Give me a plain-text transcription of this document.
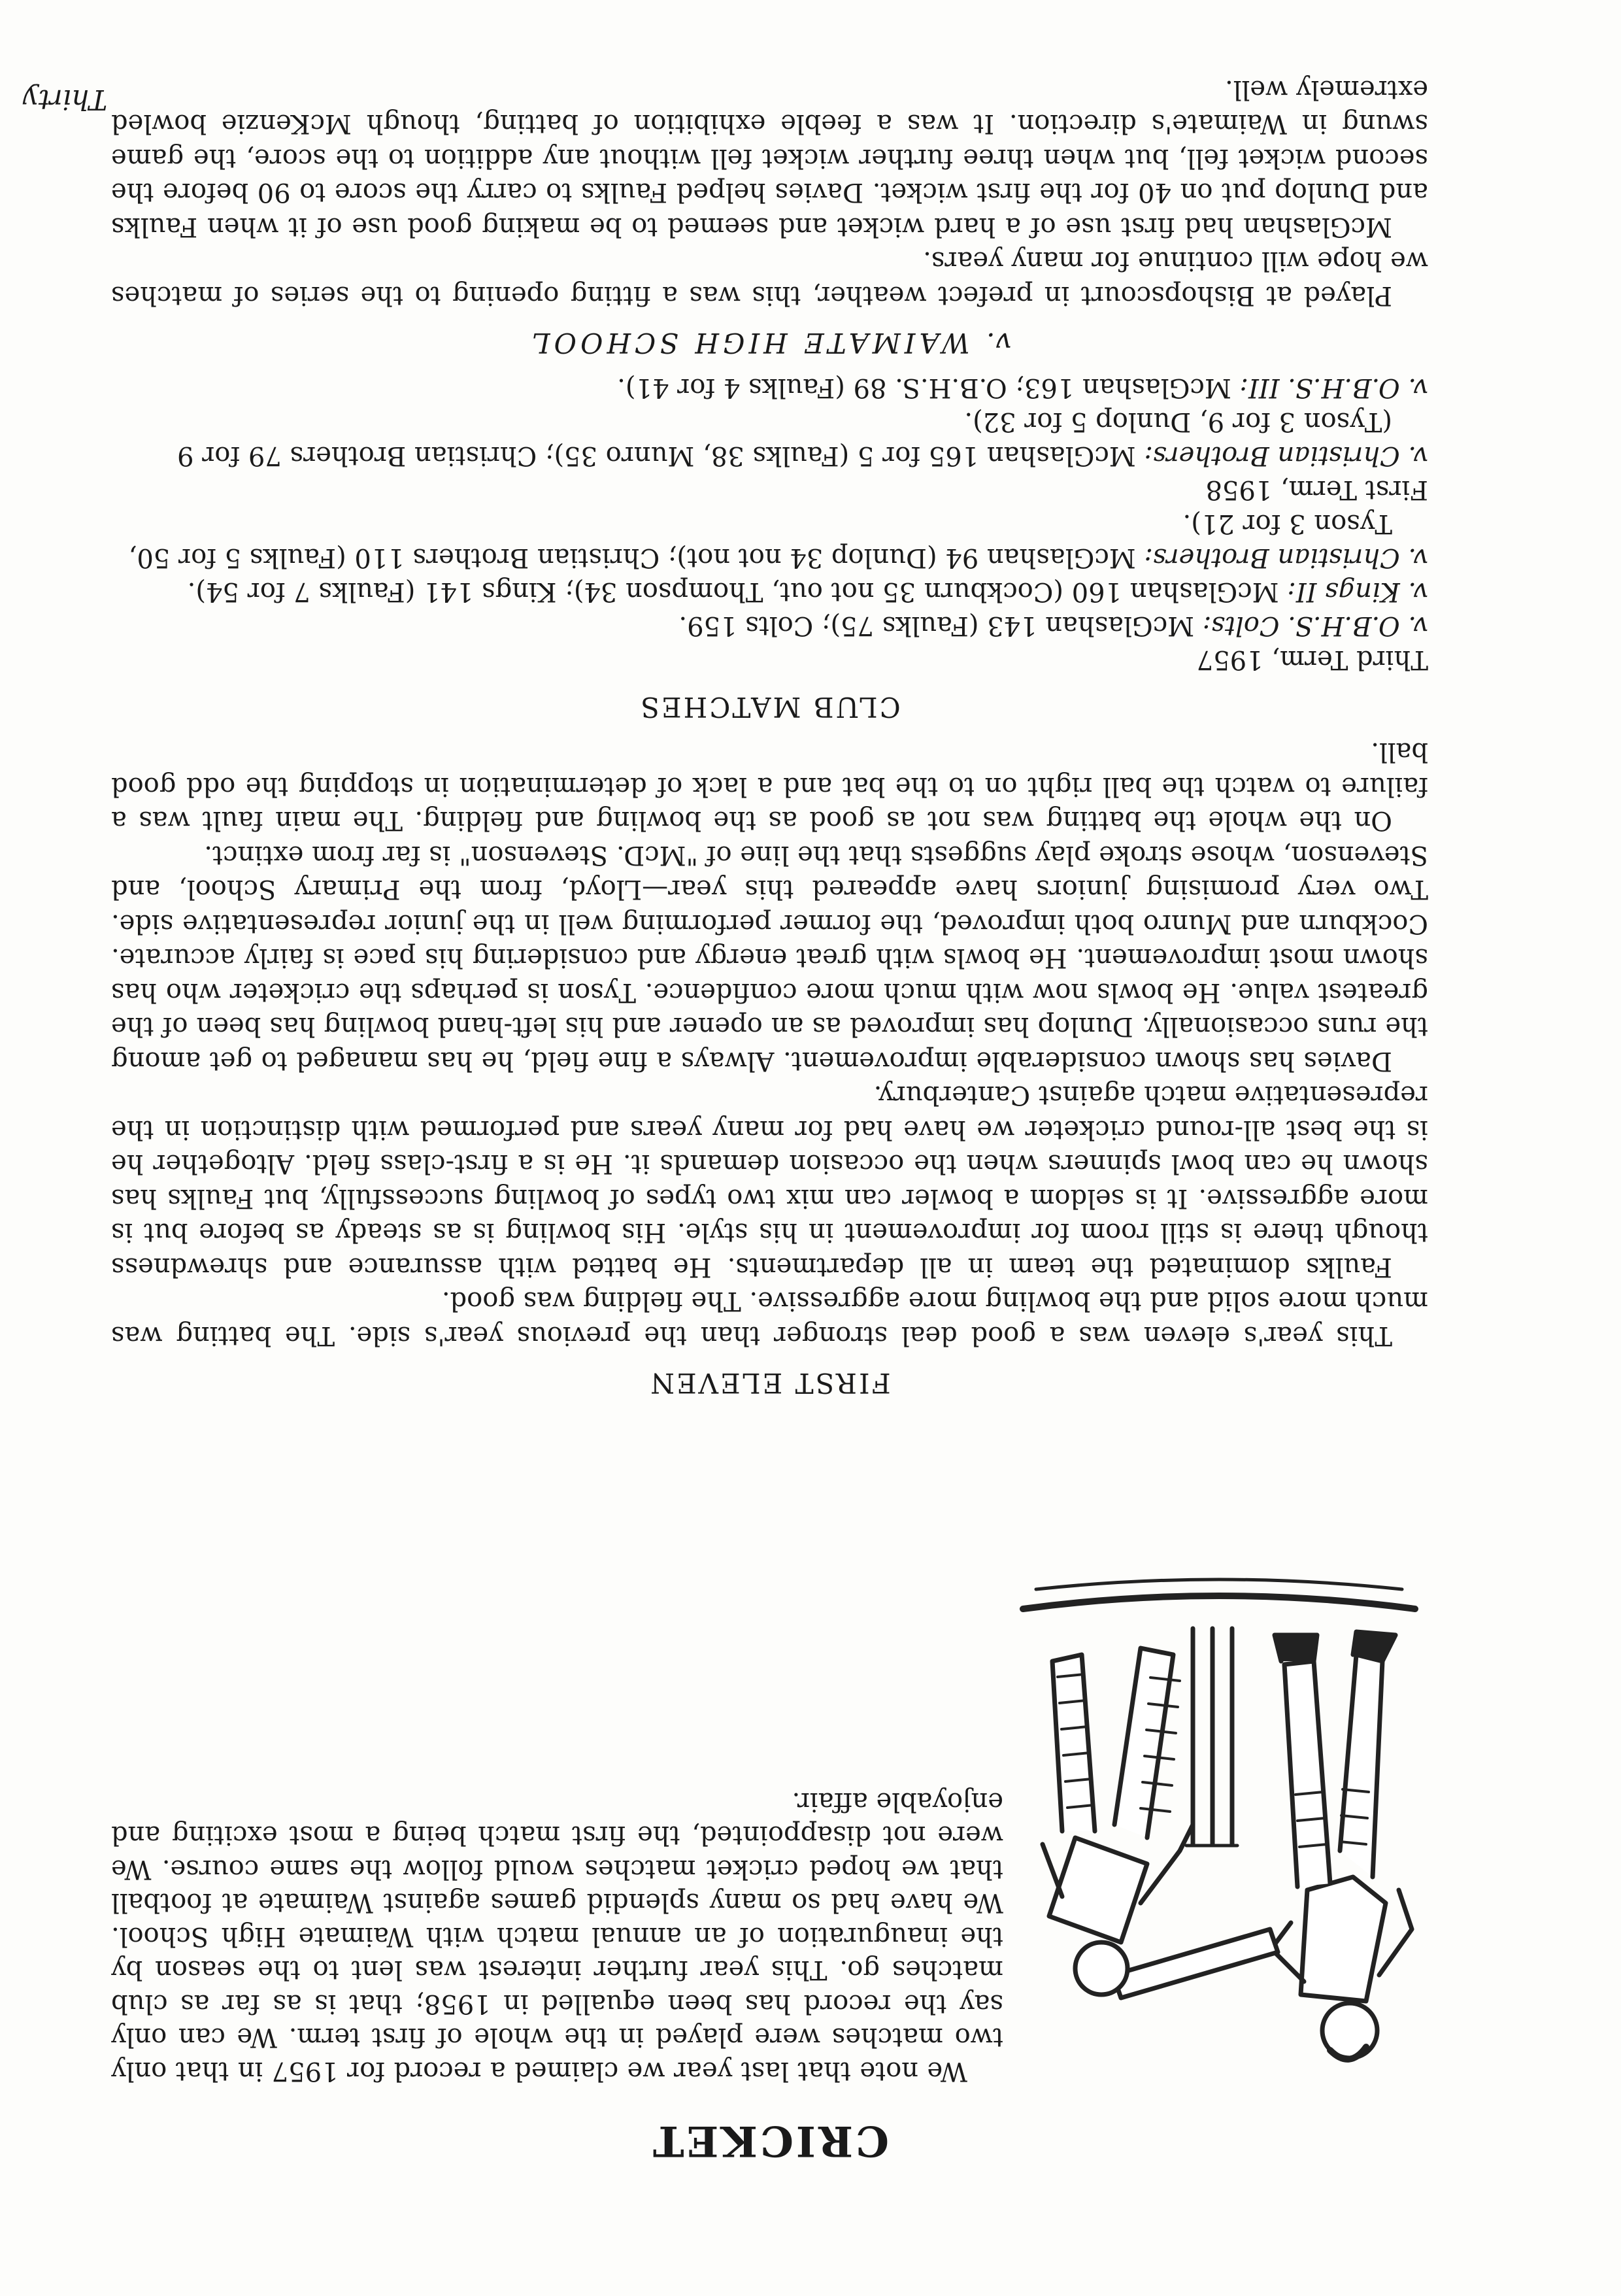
CRICKET

We note that last year we claimed a record for 1957 in that only two matches were played in the whole of first term. We can only say the record has been equalled in 1958; that is as far as club matches go. This year further interest was lent to the season by the inauguration of an annual match with Waimate High School. We have had so many splendid games against Waimate at football that we hoped cricket matches would follow the same course. We were not disappointed, the first match being a most exciting and enjoyable affair.

FIRST ELEVEN

This year's eleven was a good deal stronger than the previous year's side. The batting was much more solid and the bowling more aggressive. The fielding was good.

Faulks dominated the team in all departments. He batted with assurance and shrewdness though there is still room for improvement in his style. His bowling is as steady as before but is more aggressive. It is seldom a bowler can mix two types of bowling successfully, but Faulks has shown he can bowl spinners when the occasion demands it. He is a first-class field. Altogether he is the best all-round cricketer we have had for many years and performed with distinction in the representative match against Canterbury.

Davies has shown considerable improvement. Always a fine field, he has managed to get among the runs occasionally. Dunlop has improved as an opener and his left-hand bowling has been of the greatest value. He bowls now with much more confidence. Tyson is perhaps the cricketer who has shown most improvement. He bowls with great energy and considering his pace is fairly accurate. Cockburn and Munro both improved, the former performing well in the junior representative side. Two very promising juniors have appeared this year—Lloyd, from the Primary School, and Stevenson, whose stroke play suggests that the line of "McD. Stevenson" is far from extinct.

On the whole the batting was not as good as the bowling and fielding. The main fault was a failure to watch the ball right on to the bat and a lack of determination in stopping the odd good ball.

CLUB MATCHES

Third Term, 1957

v. O.B.H.S. Colts: McGlashan 143 (Faulks 75); Colts 159.

v. Kings II: McGlashan 160 (Cockburn 35 not out, Thompson 34); Kings 141 (Faulks 7 for 54).

v. Christian Brothers: McGlashan 94 (Dunlop 34 not not); Christian Brothers 110 (Faulks 5 for 50, Tyson 3 for 21).

First Term, 1958

v. Christian Brothers: McGlashan 165 for 5 (Faulks 38, Munro 35); Christian Brothers 79 for 9 (Tyson 3 for 9, Dunlop 5 for 32).

v. O.B.H.S. III: McGlashan 163; O.B.H.S. 89 (Faulks 4 for 41).

v. WAIMATE HIGH SCHOOL

Played at Bishopscourt in prefect weather, this was a fitting opening to the series of matches we hope will continue for many years.

McGlashan had first use of a hard wicket and seemed to be making good use of it when Faulks and Dunlop put on 40 for the first wicket. Davies helped Faulks to carry the score to 90 before the second wicket fell, but when three further wicket fell without any addition to the score, the game swung in Waimate's direction. It was a feeble exhibition of batting, though McKenzie bowled extremely well.

Thirty
